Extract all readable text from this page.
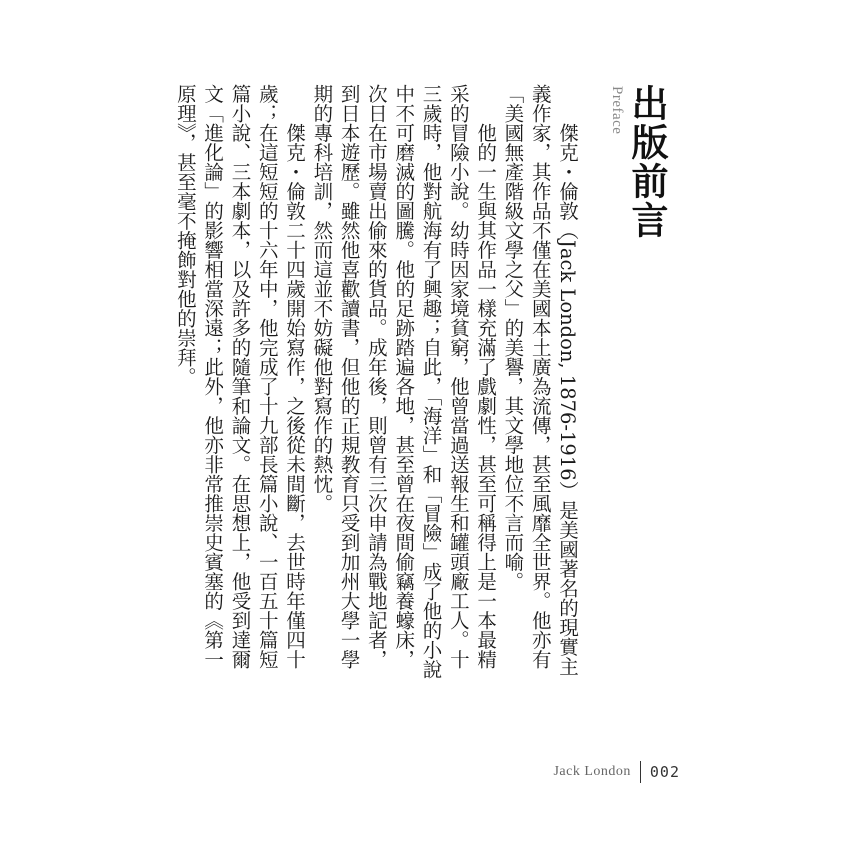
出版前言
Preface

傑克・倫敦（Jack London, 1876-1916）是美國著名的現實主義作家，其作品不僅在美國本土廣為流傳，甚至風靡全世界。他亦有「美國無產階級文學之父」的美譽，其文學地位不言而喻。

他的一生與其作品一樣充滿了戲劇性，甚至可稱得上是一本最精采的冒險小說。幼時因家境貧窮，他曾當過送報生和罐頭廠工人。十三歲時，他對航海有了興趣；自此，「海洋」和「冒險」成了他的小說中不可磨滅的圖騰。他的足跡踏遍各地，甚至曾在夜間偷竊養蠔床，次日在市場賣出偷來的貨品。成年後，則曾有三次申請為戰地記者，到日本遊歷。雖然他喜歡讀書，但他的正規教育只受到加州大學一學期的專科培訓，然而這並不妨礙他對寫作的熱忱。

傑克・倫敦二十四歲開始寫作，之後從未間斷，去世時年僅四十歲；在這短短的十六年中，他完成了十九部長篇小說、一百五十篇短篇小說、三本劇本，以及許多的隨筆和論文。在思想上，他受到達爾文「進化論」的影響相當深遠；此外，他亦非常推崇史賓塞的《第一原理》，甚至毫不掩飾對他的崇拜。

Jack London 002
